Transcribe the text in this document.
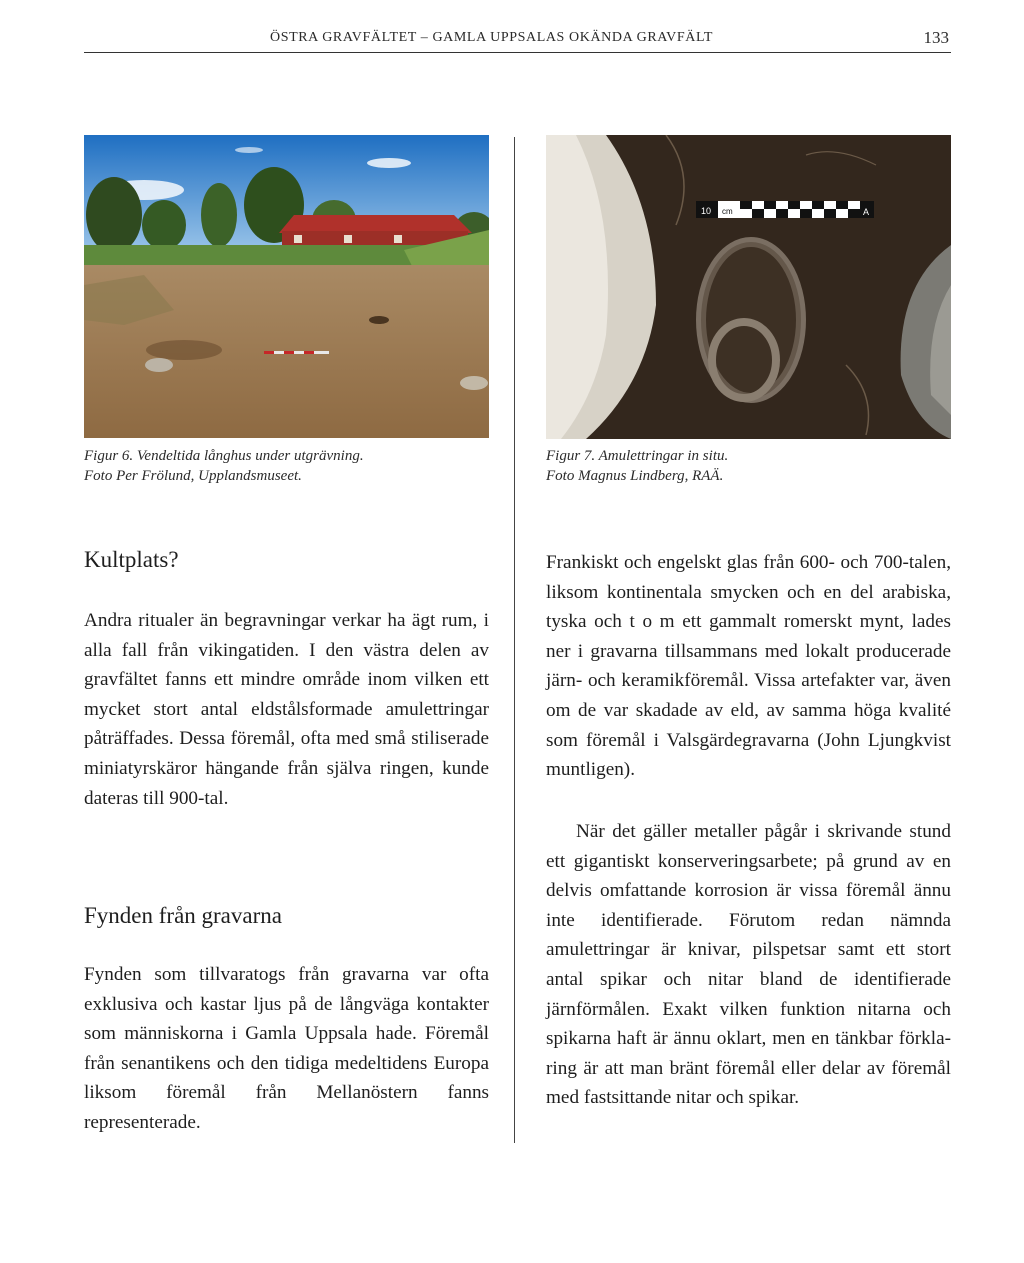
ÖSTRA GRAVFÄLTET – GAMLA UPPSALAS OKÄNDA GRAVFÄLT	133
Figur 6. Vendeltida långhus under utgrävning.
Foto Per Frölund, Upplandsmuseet.
10 cm	A
Figur 7. Amulettringar in situ.
Foto Magnus Lindberg, RAÄ.
Kultplats?
Andra ritualer än begravningar verkar ha ägt rum, i alla fall från vikingatiden. I den västra delen av gravfältet fanns ett mindre område inom vilken ett mycket stort antal eldstålsformade amulettringar påträffades. Dessa föremål, ofta med små stiliserade miniatyrskäror hängande från själva ringen, kunde dateras till 900-tal.
Fynden från gravarna
Fynden som tillvaratogs från gravarna var ofta exklusiva och kastar ljus på de långväga kontakter som människorna i Gamla Uppsala hade. Föremål från senantikens och den tidiga medeltidens Europa liksom föremål från Mellanöstern fanns representerade.
Frankiskt och engelskt glas från 600- och 700-talen, liksom kontinentala smycken och en del arabiska, tyska och t o m ett gammalt romerskt mynt, lades ner i gravarna tillsammans med lokalt producerade järn- och keramikföremål. Vissa artefakter var, även om de var skadade av eld, av samma höga kvalité som föremål i Valsgärdegravarna (John Ljungkvist muntligen).
När det gäller metaller pågår i skrivande stund ett gigantiskt konserveringsarbete; på grund av en delvis omfattande korrosion är vissa föremål ännu inte identifierade. Förutom redan nämnda amulettringar är knivar, pilspetsar samt ett stort antal spikar och nitar bland de identifierade järnförmålen. Exakt vilken funktion nitarna och spikarna haft är ännu oklart, men en tänkbar förklaring är att man bränt föremål eller delar av föremål med fastsittande nitar och spikar.
